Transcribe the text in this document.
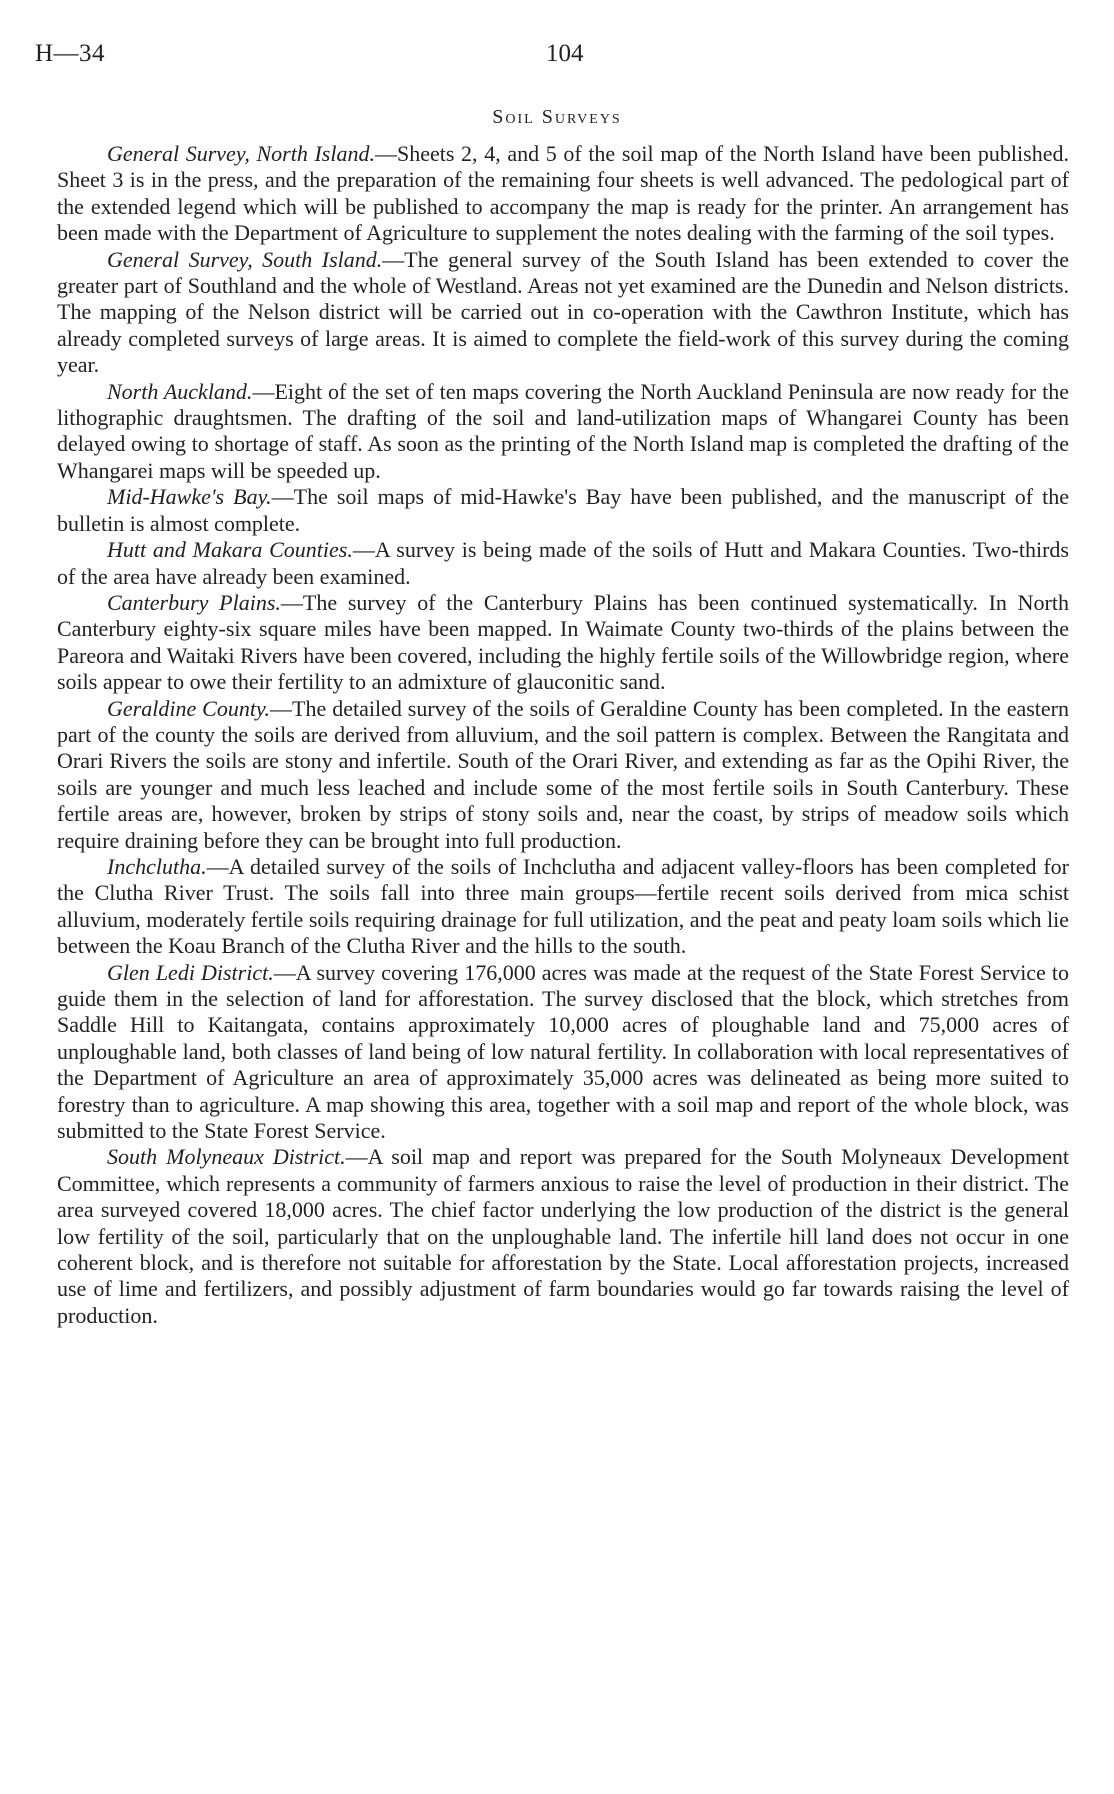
H—34	104
Soil Surveys

General Survey, North Island.—Sheets 2, 4, and 5 of the soil map of the North Island have been published. Sheet 3 is in the press, and the preparation of the remaining four sheets is well advanced. The pedological part of the extended legend which will be published to accompany the map is ready for the printer. An arrangement has been made with the Department of Agriculture to supplement the notes dealing with the farming of the soil types.

General Survey, South Island.—The general survey of the South Island has been extended to cover the greater part of Southland and the whole of Westland. Areas not yet examined are the Dunedin and Nelson districts. The mapping of the Nelson district will be carried out in co-operation with the Cawthron Institute, which has already completed surveys of large areas. It is aimed to complete the field-work of this survey during the coming year.

North Auckland.—Eight of the set of ten maps covering the North Auckland Peninsula are now ready for the lithographic draughtsmen. The drafting of the soil and land-utilization maps of Whangarei County has been delayed owing to shortage of staff. As soon as the printing of the North Island map is completed the drafting of the Whangarei maps will be speeded up.

Mid-Hawke's Bay.—The soil maps of mid-Hawke's Bay have been published, and the manuscript of the bulletin is almost complete.

Hutt and Makara Counties.—A survey is being made of the soils of Hutt and Makara Counties. Two-thirds of the area have already been examined.

Canterbury Plains.—The survey of the Canterbury Plains has been continued systematically. In North Canterbury eighty-six square miles have been mapped. In Waimate County two-thirds of the plains between the Pareora and Waitaki Rivers have been covered, including the highly fertile soils of the Willowbridge region, where soils appear to owe their fertility to an admixture of glauconitic sand.

Geraldine County.—The detailed survey of the soils of Geraldine County has been completed. In the eastern part of the county the soils are derived from alluvium, and the soil pattern is complex. Between the Rangitata and Orari Rivers the soils are stony and infertile. South of the Orari River, and extending as far as the Opihi River, the soils are younger and much less leached and include some of the most fertile soils in South Canterbury. These fertile areas are, however, broken by strips of stony soils and, near the coast, by strips of meadow soils which require draining before they can be brought into full production.

Inchclutha.—A detailed survey of the soils of Inchclutha and adjacent valley-floors has been completed for the Clutha River Trust. The soils fall into three main groups—fertile recent soils derived from mica schist alluvium, moderately fertile soils requiring drainage for full utilization, and the peat and peaty loam soils which lie between the Koau Branch of the Clutha River and the hills to the south.

Glen Ledi District.—A survey covering 176,000 acres was made at the request of the State Forest Service to guide them in the selection of land for afforestation. The survey disclosed that the block, which stretches from Saddle Hill to Kaitangata, contains approximately 10,000 acres of ploughable land and 75,000 acres of unploughable land, both classes of land being of low natural fertility. In collaboration with local representatives of the Department of Agriculture an area of approximately 35,000 acres was delineated as being more suited to forestry than to agriculture. A map showing this area, together with a soil map and report of the whole block, was submitted to the State Forest Service.

South Molyneaux District.—A soil map and report was prepared for the South Molyneaux Development Committee, which represents a community of farmers anxious to raise the level of production in their district. The area surveyed covered 18,000 acres. The chief factor underlying the low production of the district is the general low fertility of the soil, particularly that on the unploughable land. The infertile hill land does not occur in one coherent block, and is therefore not suitable for afforestation by the State. Local afforestation projects, increased use of lime and fertilizers, and possibly adjustment of farm boundaries would go far towards raising the level of production.
